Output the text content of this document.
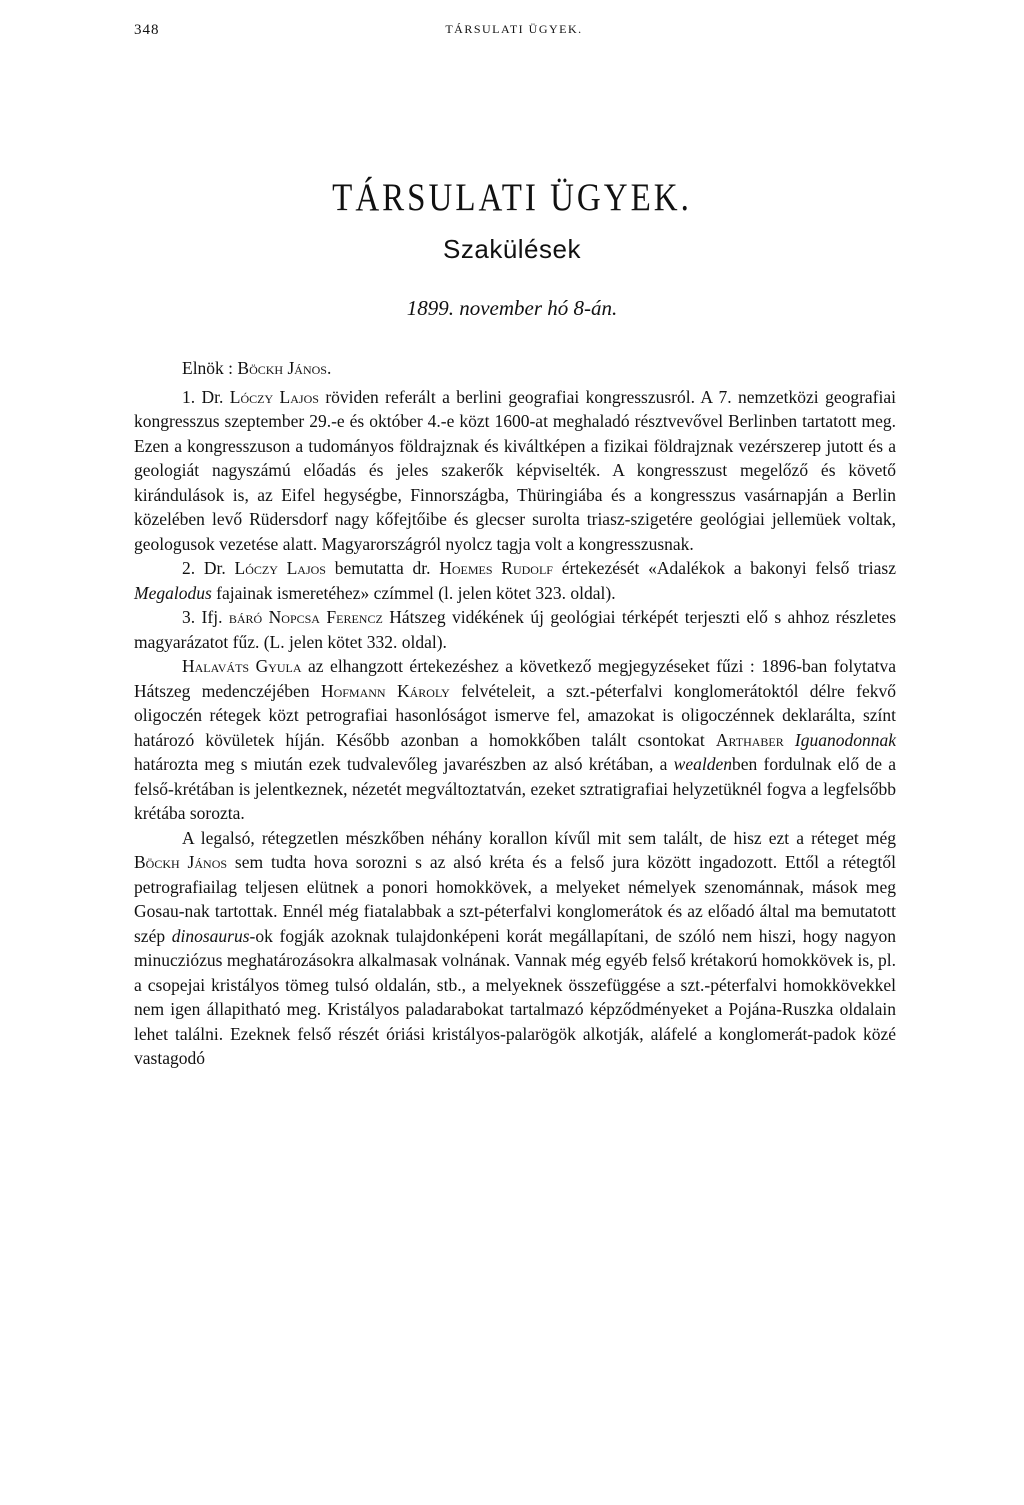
348	TÁRSULATI ÜGYEK.
TÁRSULATI ÜGYEK.
Szakülések
1899. november hó 8-án.

Elnök : Böckh János.

1. Dr. Lóczy Lajos röviden referált a berlini geografiai kongresszusról. A 7. nemzetközi geografiai kongresszus szeptember 29.-e és október 4.-e közt 1600-at meghaladó résztvevővel Berlinben tartatott meg. Ezen a kongresszuson a tudományos földrajznak és kiváltképen a fizikai földrajznak vezérszerep jutott és a geologiát nagyszámú előadás és jeles szakerők képviselték. A kongresszust megelőző és követő kirándulások is, az Eifel hegységbe, Finnországba, Thüringiába és a kongresszus vasárnapján a Berlin közelében levő Rüdersdorf nagy kőfejtőibe és glecser surolta triasz-szigetére geológiai jellemüek voltak, geologusok vezetése alatt. Magyarországról nyolcz tagja volt a kongresszusnak.

2. Dr. Lóczy Lajos bemutatta dr. Hoemes Rudolf értekezését «Adalékok a bakonyi felső triasz Megalodus fajainak ismeretéhez» czímmel (l. jelen kötet 323. oldal).

3. Ifj. báró Nopcsa Ferencz Hátszeg vidékének új geológiai térképét terjeszti elő s ahhoz részletes magyarázatot fűz. (L. jelen kötet 332. oldal).

Halaváts Gyula az elhangzott értekezéshez a következő megjegyzéseket fűzi : 1896-ban folytatva Hátszeg medenczéjében Hofmann Károly felvételeit, a szt.-péterfalvi konglomerátoktól délre fekvő oligoczén rétegek közt petrografiai hasonlóságot ismerve fel, amazokat is oligoczénnek deklarálta, színt határozó kövületek híján. Később azonban a homokkőben talált csontokat Arthaber Iguanodonnak határozta meg s miután ezek tudvalevőleg javarészben az alsó krétában, a wealdenben fordulnak elő de a felső-krétában is jelentkeznek, nézetét megváltoztatván, ezeket sztratigrafiai helyzetüknél fogva a legfelsőbb krétába sorozta.

A legalsó, rétegzetlen mészkőben néhány korallon kívűl mit sem talált, de hisz ezt a réteget még Böckh János sem tudta hova sorozni s az alsó kréta és a felső jura között ingadozott. Ettől a rétegtől petrografiailag teljesen elütnek a ponori homokkövek, a melyeket némelyek szenománnak, mások meg Gosau-nak tartottak. Ennél még fiatalabbak a szt-péterfalvi konglomerátok és az előadó által ma bemutatott szép dinosaurus-ok fogják azoknak tulajdonképeni korát megállapítani, de szóló nem hiszi, hogy nagyon minucziózus meghatározásokra alkalmasak volnának. Vannak még egyéb felső krétakorú homokkövek is, pl. a csopejai kristályos tömeg tulsó oldalán, stb., a melyeknek összefüggése a szt.-péterfalvi homokkövekkel nem igen állapitható meg. Kristályos paladarabokat tartalmazó képződményeket a Pojána-Ruszka oldalain lehet találni. Ezeknek felső részét óriási kristályos-palarögök alkotják, aláfelé a konglomerát-padok közé vastagodó
